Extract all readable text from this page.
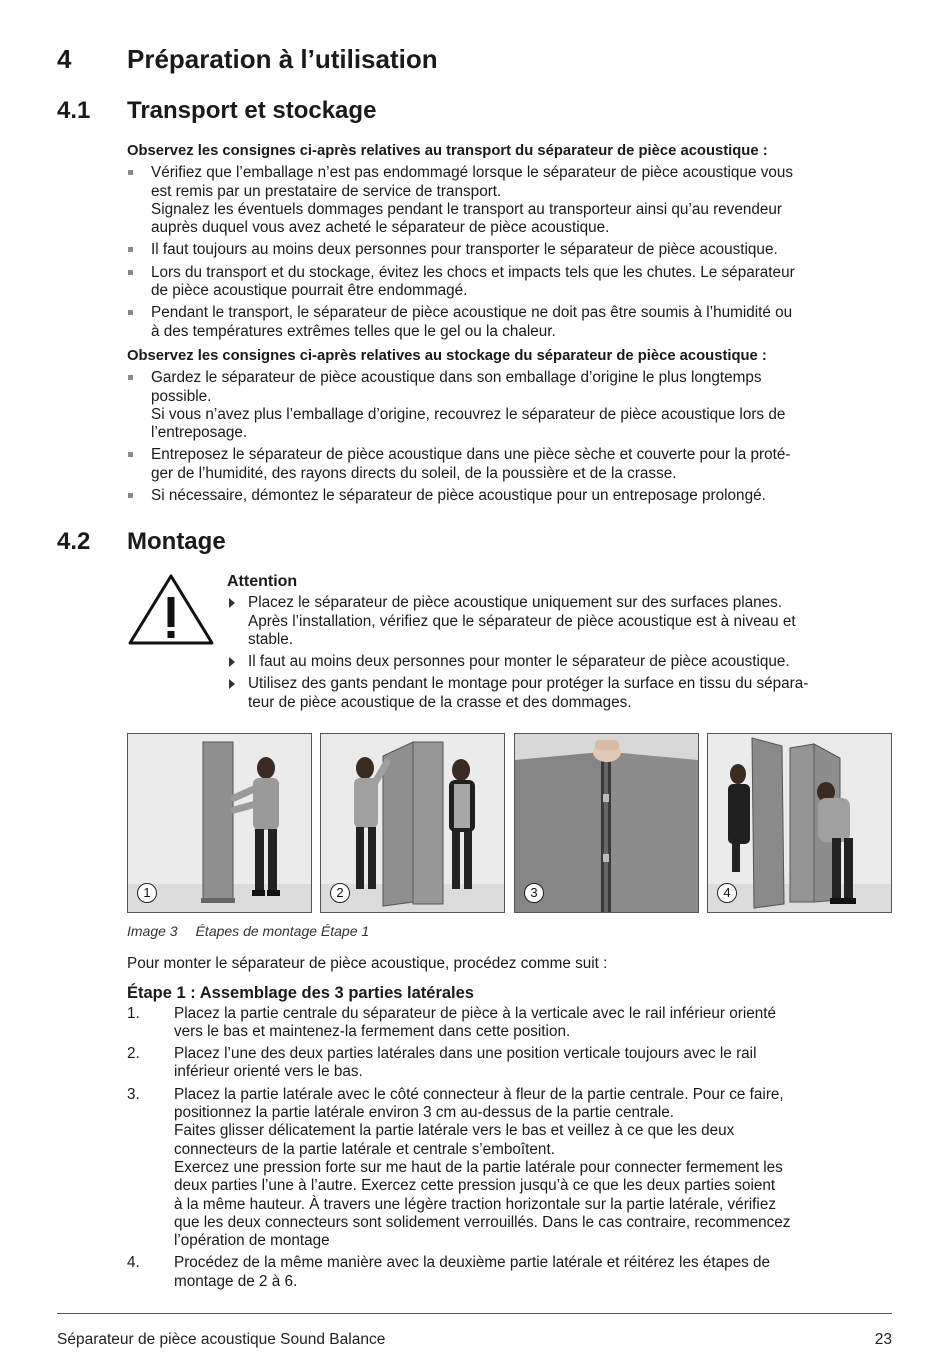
4 Préparation à l’utilisation
4.1 Transport et stockage
Observez les consignes ci-après relatives au transport du séparateur de pièce acoustique :
Vérifiez que l’emballage n’est pas endommagé lorsque le séparateur de pièce acoustique vous
est remis par un prestataire de service de transport.
Signalez les éventuels dommages pendant le transport au transporteur ainsi qu’au revendeur
auprès duquel vous avez acheté le séparateur de pièce acoustique.
Il faut toujours au moins deux personnes pour transporter le séparateur de pièce acoustique.
Lors du transport et du stockage, évitez les chocs et impacts tels que les chutes. Le séparateur
de pièce acoustique pourrait être endommagé.
Pendant le transport, le séparateur de pièce acoustique ne doit pas être soumis à l’humidité ou
à des températures extrêmes telles que le gel ou la chaleur.
Observez les consignes ci-après relatives au stockage du séparateur de pièce acoustique :
Gardez le séparateur de pièce acoustique dans son emballage d’origine le plus longtemps
possible.
Si vous n’avez plus l’emballage d’origine, recouvrez le séparateur de pièce acoustique lors de
l’entreposage.
Entreposez le séparateur de pièce acoustique dans une pièce sèche et couverte pour la proté-
ger de l’humidité, des rayons directs du soleil, de la poussière et de la crasse.
Si nécessaire, démontez le séparateur de pièce acoustique pour un entreposage prolongé.
4.2 Montage
Attention
Placez le séparateur de pièce acoustique uniquement sur des surfaces planes.
Après l’installation, vérifiez que le séparateur de pièce acoustique est à niveau et
stable.
Il faut au moins deux personnes pour monter le séparateur de pièce acoustique.
Utilisez des gants pendant le montage pour protéger la surface en tissu du sépara-
teur de pièce acoustique de la crasse et des dommages.
1	2	3	4
Image 3 Étapes de montage Étape 1
Pour monter le séparateur de pièce acoustique, procédez comme suit :
Étape 1 : Assemblage des 3 parties latérales
1. Placez la partie centrale du séparateur de pièce à la verticale avec le rail inférieur orienté
vers le bas et maintenez-la fermement dans cette position.
2. Placez l’une des deux parties latérales dans une position verticale toujours avec le rail
inférieur orienté vers le bas.
3. Placez la partie latérale avec le côté connecteur à fleur de la partie centrale. Pour ce faire,
positionnez la partie latérale environ 3 cm au-dessus de la partie centrale.
Faites glisser délicatement la partie latérale vers le bas et veillez à ce que les deux
connecteurs de la partie latérale et centrale s’emboîtent.
Exercez une pression forte sur me haut de la partie latérale pour connecter fermement les
deux parties l’une à l’autre. Exercez cette pression jusqu’à ce que les deux parties soient
à la même hauteur. À travers une légère traction horizontale sur la partie latérale, vérifiez
que les deux connecteurs sont solidement verrouillés. Dans le cas contraire, recommencez
l’opération de montage
4. Procédez de la même manière avec la deuxième partie latérale et réitérez les étapes de
montage de 2 à 6.
Séparateur de pièce acoustique Sound Balance	23
